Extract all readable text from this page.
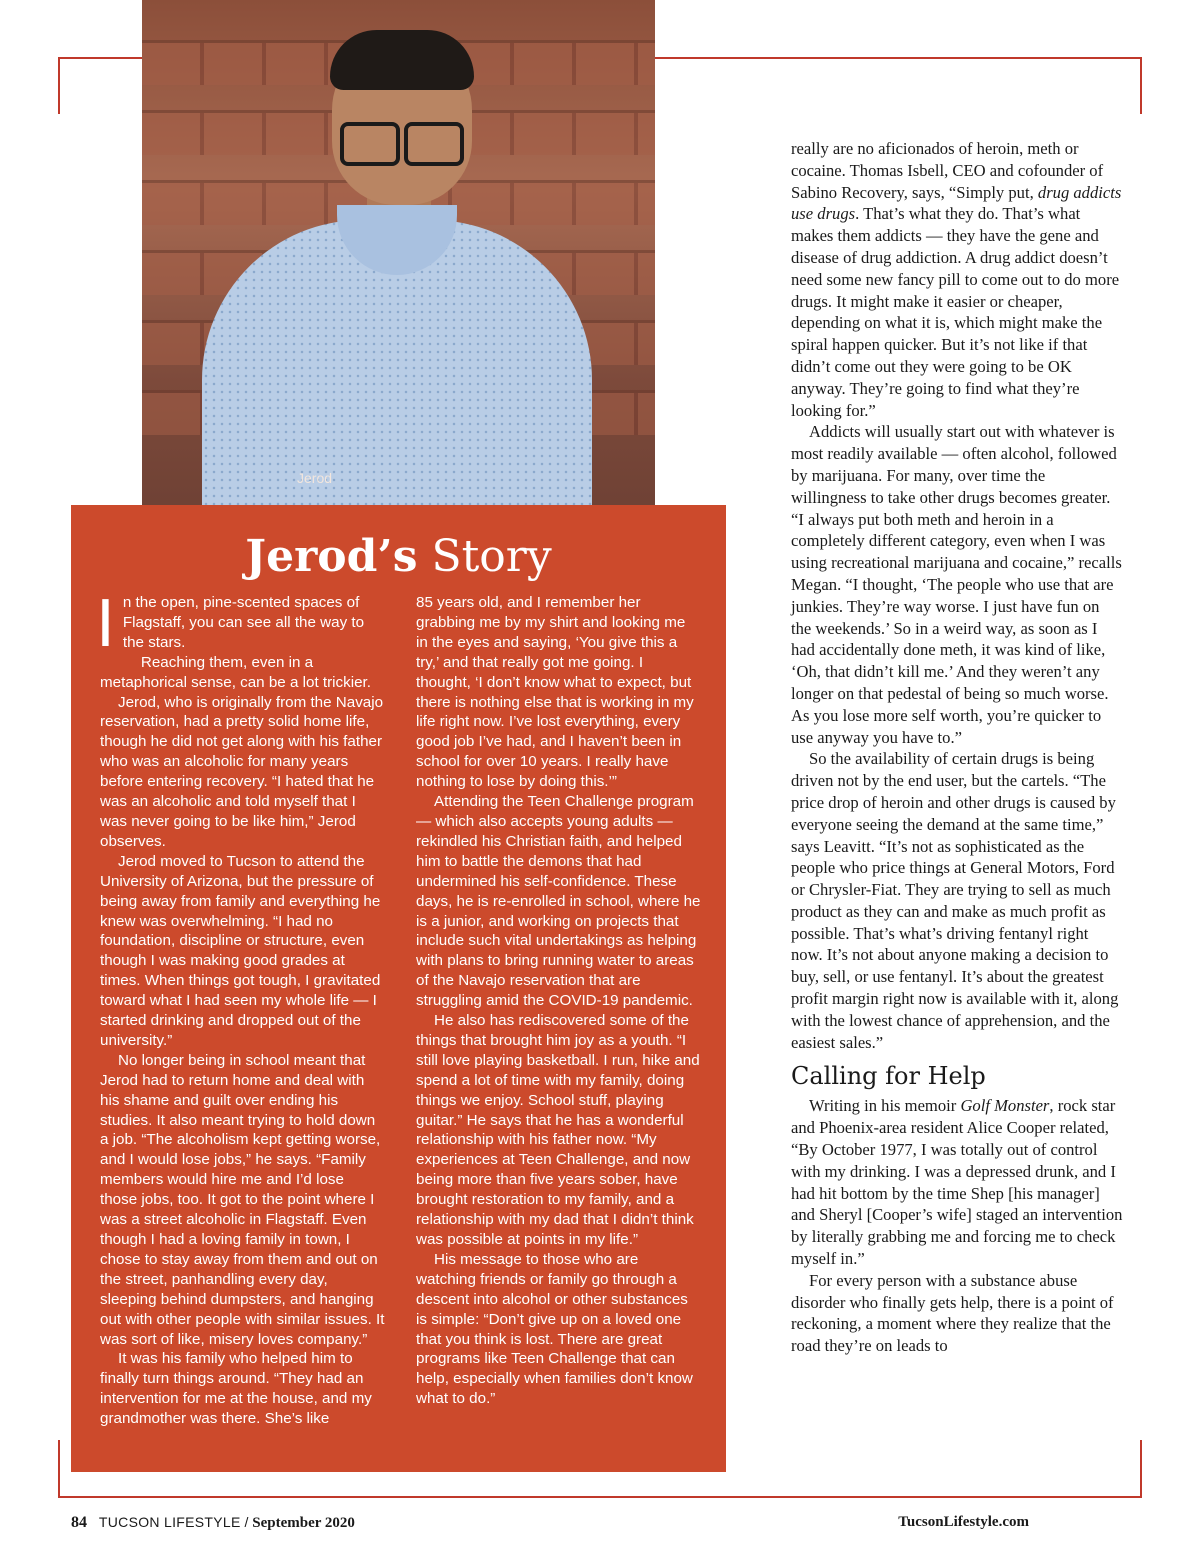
Jerod
Jerod’s Story

In the open, pine-scented spaces of Flagstaff, you can see all the way to the stars.

Reaching them, even in a metaphorical sense, can be a lot trickier.

Jerod, who is originally from the Navajo reservation, had a pretty solid home life, though he did not get along with his father who was an alcoholic for many years before entering recovery. “I hated that he was an alcoholic and told myself that I was never going to be like him,” Jerod observes.

Jerod moved to Tucson to attend the University of Arizona, but the pressure of being away from family and everything he knew was overwhelming. “I had no foundation, discipline or structure, even though I was making good grades at times. When things got tough, I gravitated toward what I had seen my whole life — I started drinking and dropped out of the university.”

No longer being in school meant that Jerod had to return home and deal with his shame and guilt over ending his studies. It also meant trying to hold down a job. “The alcoholism kept getting worse, and I would lose jobs,” he says. “Family members would hire me and I’d lose those jobs, too. It got to the point where I was a street alcoholic in Flagstaff. Even though I had a loving family in town, I chose to stay away from them and out on the street, panhandling every day, sleeping behind dumpsters, and hanging out with other people with similar issues. It was sort of like, misery loves company.”

It was his family who helped him to finally turn things around. “They had an intervention for me at the house, and my grandmother was there. She’s like

85 years old, and I remember her grabbing me by my shirt and looking me in the eyes and saying, ‘You give this a try,’ and that really got me going. I thought, ‘I don’t know what to expect, but there is nothing else that is working in my life right now. I’ve lost everything, every good job I’ve had, and I haven’t been in school for over 10 years. I really have nothing to lose by doing this.’”

Attending the Teen Challenge program — which also accepts young adults — rekindled his Christian faith, and helped him to battle the demons that had undermined his self-confidence. These days, he is re-enrolled in school, where he is a junior, and working on projects that include such vital undertakings as helping with plans to bring running water to areas of the Navajo reservation that are struggling amid the COVID-19 pandemic.

He also has rediscovered some of the things that brought him joy as a youth. “I still love playing basketball. I run, hike and spend a lot of time with my family, doing things we enjoy. School stuff, playing guitar.” He says that he has a wonderful relationship with his father now. “My experiences at Teen Challenge, and now being more than five years sober, have brought restoration to my family, and a relationship with my dad that I didn’t think was possible at points in my life.”

His message to those who are watching friends or family go through a descent into alcohol or other substances is simple: “Don’t give up on a loved one that you think is lost. There are great programs like Teen Challenge that can help, especially when families don’t know what to do.”

really are no aficionados of heroin, meth or cocaine. Thomas Isbell, CEO and cofounder of Sabino Recovery, says, “Simply put, drug addicts use drugs. That’s what they do. That’s what makes them addicts — they have the gene and disease of drug addiction. A drug addict doesn’t need some new fancy pill to come out to do more drugs. It might make it easier or cheaper, depending on what it is, which might make the spiral happen quicker. But it’s not like if that didn’t come out they were going to be OK anyway. They’re going to find what they’re looking for.”

Addicts will usually start out with whatever is most readily available — often alcohol, followed by marijuana. For many, over time the willingness to take other drugs becomes greater. “I always put both meth and heroin in a completely different category, even when I was using recreational marijuana and cocaine,” recalls Megan. “I thought, ‘The people who use that are junkies. They’re way worse. I just have fun on the weekends.’ So in a weird way, as soon as I had accidentally done meth, it was kind of like, ‘Oh, that didn’t kill me.’ And they weren’t any longer on that pedestal of being so much worse. As you lose more self worth, you’re quicker to use anyway you have to.”

So the availability of certain drugs is being driven not by the end user, but the cartels. “The price drop of heroin and other drugs is caused by everyone seeing the demand at the same time,” says Leavitt. “It’s not as sophisticated as the people who price things at General Motors, Ford or Chrysler-Fiat. They are trying to sell as much product as they can and make as much profit as possible. That’s what’s driving fentanyl right now. It’s not about anyone making a decision to buy, sell, or use fentanyl. It’s about the greatest profit margin right now is available with it, along with the lowest chance of apprehension, and the easiest sales.”

Calling for Help

Writing in his memoir Golf Monster, rock star and Phoenix-area resident Alice Cooper related, “By October 1977, I was totally out of control with my drinking. I was a depressed drunk, and I had hit bottom by the time Shep [his manager] and Sheryl [Cooper’s wife] staged an intervention by literally grabbing me and forcing me to check myself in.”

For every person with a substance abuse disorder who finally gets help, there is a point of reckoning, a moment where they realize that the road they’re on leads to

84 TUCSON LIFESTYLE / September 2020	TucsonLifestyle.com
